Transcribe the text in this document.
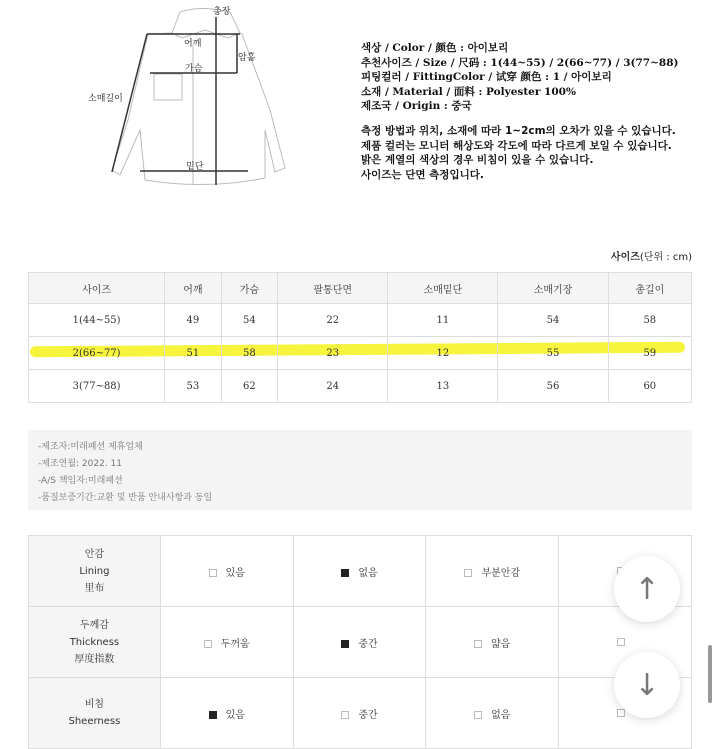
총장
어깨
암홀
가슴
소매길이
밑단
색상 / Color / 颜色 : 아이보리
추천사이즈 / Size / 尺码 : 1(44~55) / 2(66~77) / 3(77~88)
피팅컬러 / FittingColor / 试穿 颜色 : 1 / 아이보리
소재 / Material / 面料 : Polyester 100%
제조국 / Origin : 중국
측정 방법과 위치, 소재에 따라 1~2cm의 오차가 있을 수 있습니다.
제품 컬러는 모니터 해상도와 각도에 따라 다르게 보일 수 있습니다.
밝은 계열의 색상의 경우 비침이 있을 수 있습니다.
사이즈는 단면 측정입니다.
사이즈(단위 : cm)
사이즈	어깨	가슴	팔통단면	소매밑단	소매기장	총길이
1(44~55)	49	54	22	11	54	58
2(66~77)	51	58	23	12	55	59
3(77~88)	53	62	24	13	56	60
-제조자:미래패션 제휴업체
-제조연월: 2022. 11
-A/S 책임자:미래패션
-품질보증기간:교환 및 반품 안내사항과 동일
안감
Lining
里布	있음	없음	부분안감	

두께감
Thickness
厚度指数	두꺼움	중간	얇음	

비침
Sheerness	있음	중간	없음	
↑
↓
